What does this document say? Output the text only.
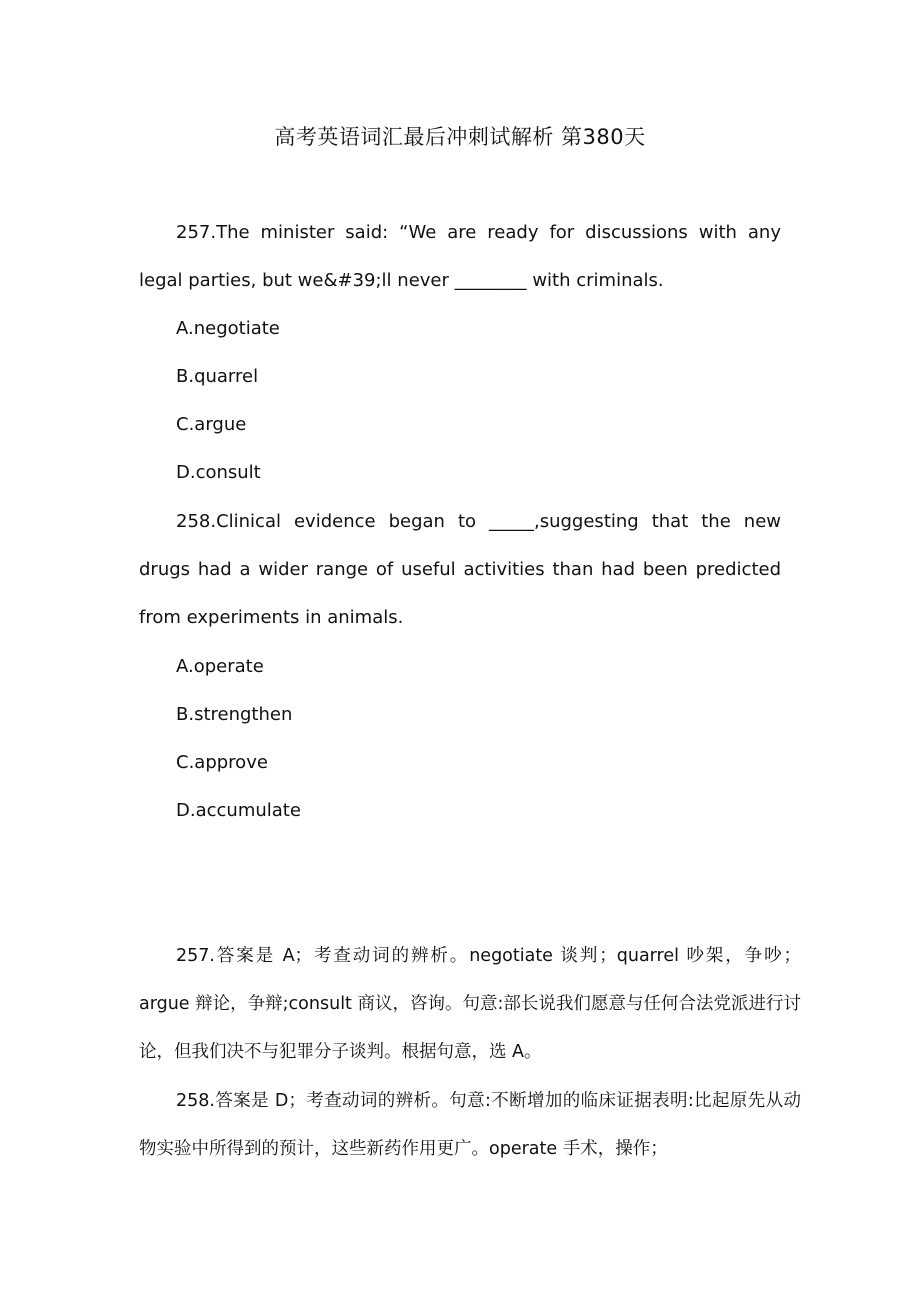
高考英语词汇最后冲刺试解析 第380天

257.The minister said: “We are ready for discussions with any legal parties, but we&#39;ll never ________ with criminals.

A.negotiate
B.quarrel
C.argue
D.consult

258.Clinical evidence began to _____,suggesting that the new drugs had a wider range of useful activities than had been predicted from experiments in animals.

A.operate
B.strengthen
C.approve
D.accumulate

257.答案是 A；考查动词的辨析。negotiate 谈判；quarrel 吵架，争吵；argue 辩论，争辩;consult 商议，咨询。句意:部长说我们愿意与任何合法党派进行讨论，但我们决不与犯罪分子谈判。根据句意，选 A。

258.答案是 D；考查动词的辨析。句意:不断增加的临床证据表明:比起原先从动物实验中所得到的预计，这些新药作用更广。operate 手术，操作；
